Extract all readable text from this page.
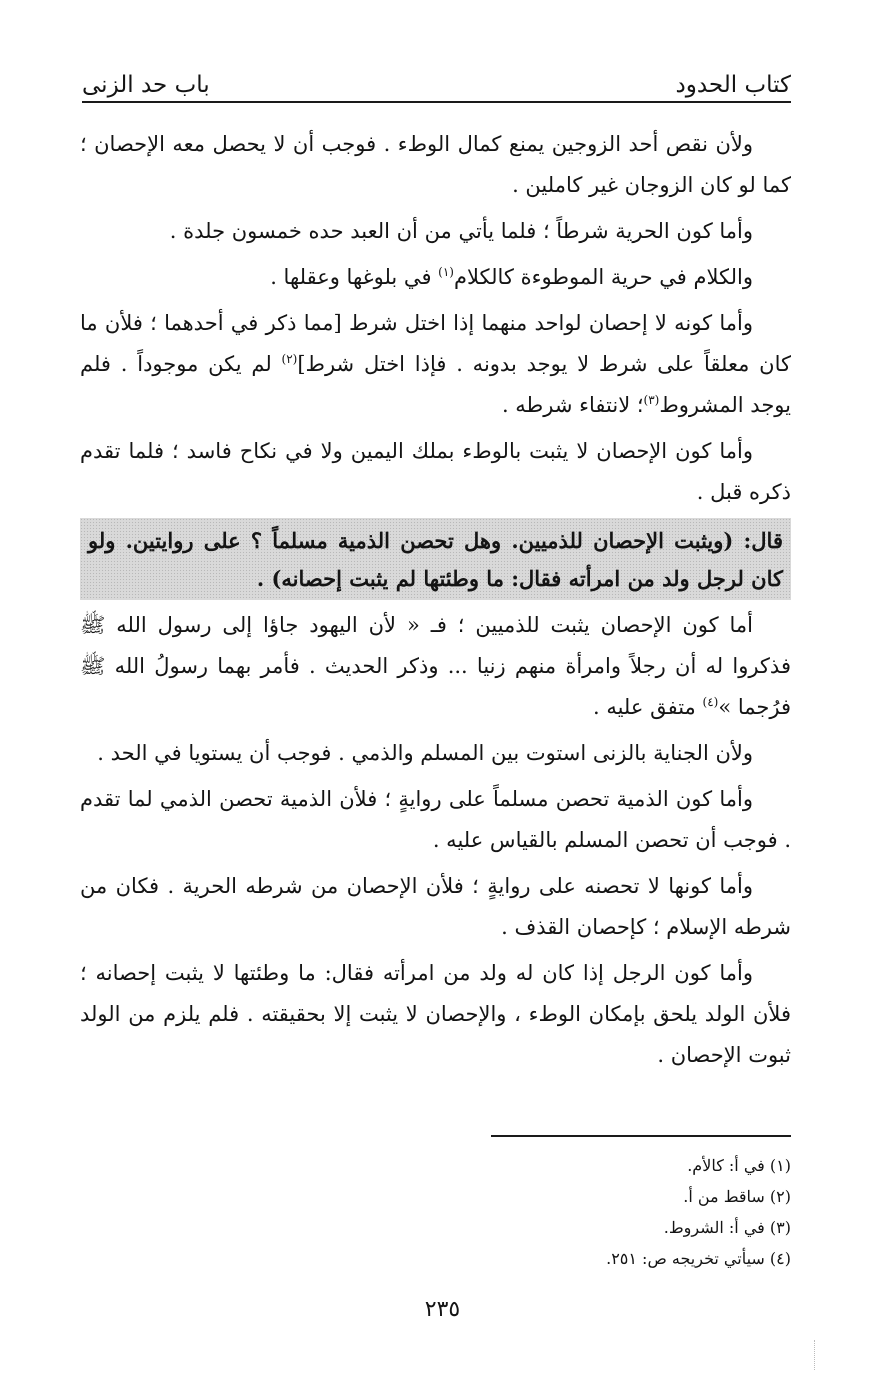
كتاب الحدود
باب حد الزنى

ولأن نقص أحد الزوجين يمنع كمال الوطء . فوجب أن لا يحصل معه الإحصان ؛ كما لو كان الزوجان غير كاملين .

وأما كون الحرية شرطاً ؛ فلما يأتي من أن العبد حده خمسون جلدة .

والكلام في حرية الموطوءة كالكلام$^{(١)}$ في بلوغها وعقلها .

وأما كونه لا إحصان لواحد منهما إذا اختل شرط [مما ذكر في أحدهما ؛ فلأن ما كان معلقاً على شرط لا يوجد بدونه . فإذا اختل شرط]$^{(٢)}$ لم يكن موجوداً . فلم يوجد المشروط$^{(٣)}$؛ لانتفاء شرطه .

وأما كون الإحصان لا يثبت بالوطء بملك اليمين ولا في نكاح فاسد ؛ فلما تقدم ذكره قبل .

قال: (ويثبت الإحصان للذميين. وهل تحصن الذمية مسلماً ؟ على روايتين. ولو كان لرجل ولد من امرأته فقال: ما وطئتها لم يثبت إحصانه) .

أما كون الإحصان يثبت للذميين ؛ فـ « لأن اليهود جاؤا إلى رسول الله ﷺ فذكروا له أن رجلاً وامرأة منهم زنيا ... وذكر الحديث . فأمر بهما رسولُ الله ﷺ فرُجما »$^{(٤)}$ متفق عليه .

ولأن الجناية بالزنى استوت بين المسلم والذمي . فوجب أن يستويا في الحد .

وأما كون الذمية تحصن مسلماً على روايةٍ ؛ فلأن الذمية تحصن الذمي لما تقدم . فوجب أن تحصن المسلم بالقياس عليه .

وأما كونها لا تحصنه على روايةٍ ؛ فلأن الإحصان من شرطه الحرية . فكان من شرطه الإسلام ؛ كإحصان القذف .

وأما كون الرجل إذا كان له ولد من امرأته فقال: ما وطئتها لا يثبت إحصانه ؛ فلأن الولد يلحق بإمكان الوطء ، والإحصان لا يثبت إلا بحقيقته . فلم يلزم من الولد ثبوت الإحصان .

(١) في أ: كالأم.
(٢) ساقط من أ.
(٣) في أ: الشروط.
(٤) سيأتي تخريجه ص: ٢٥١.
٢٣٥
